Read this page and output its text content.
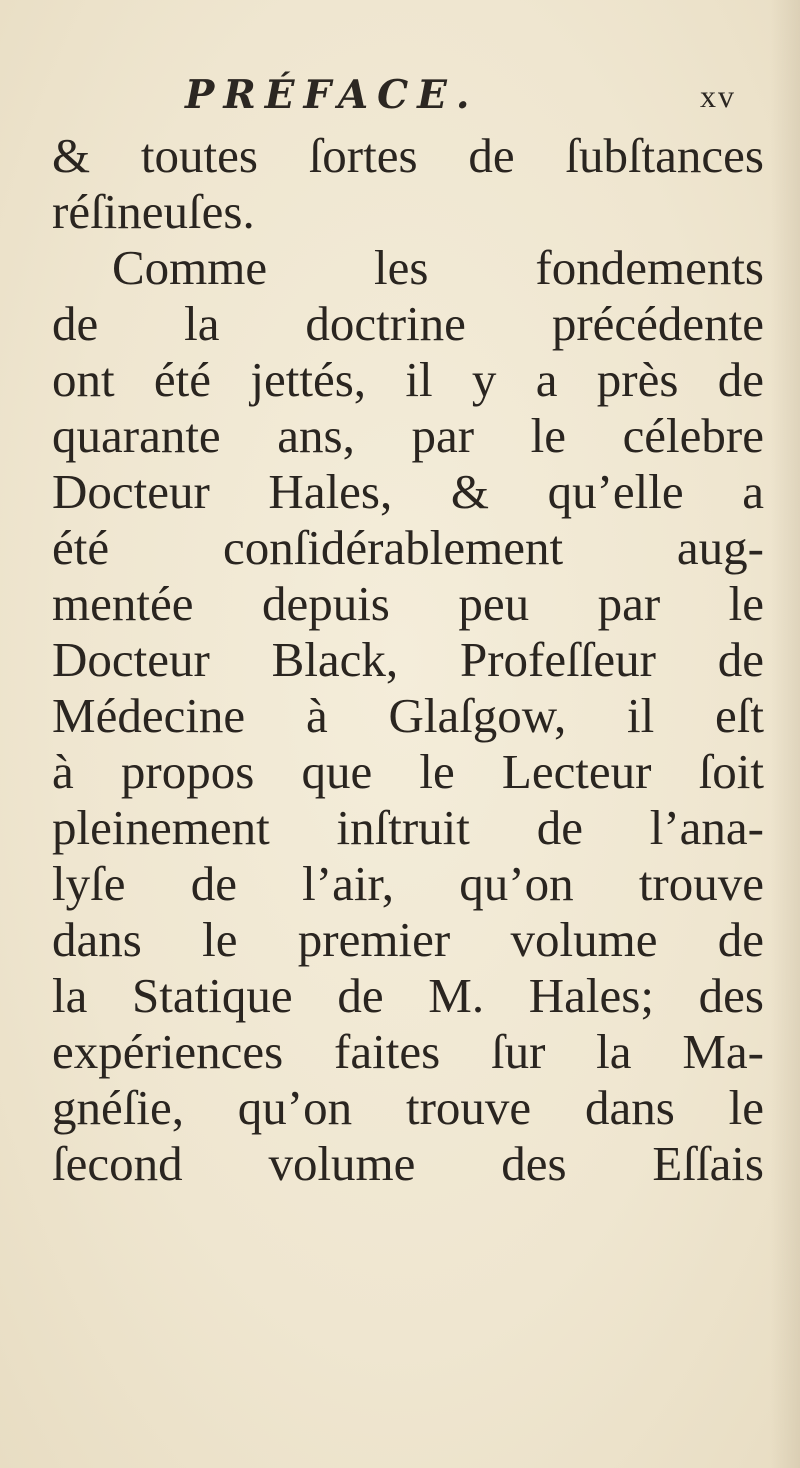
PRÉFACE.	xv
& toutes ſortes de ſubſtances
réſineuſes.
Comme les fondements
de la doctrine précédente
ont été jettés, il y a près de
quarante ans, par le célebre
Docteur Hales, & qu’elle a
été conſidérablement aug-
mentée depuis peu par le
Docteur Black, Profeſſeur de
Médecine à Glaſgow, il eſt
à propos que le Lecteur ſoit
pleinement inſtruit de l’ana-
lyſe de l’air, qu’on trouve
dans le premier volume de
la Statique de M. Hales; des
expériences faites ſur la Ma-
gnéſie, qu’on trouve dans le
ſecond volume des Eſſais
